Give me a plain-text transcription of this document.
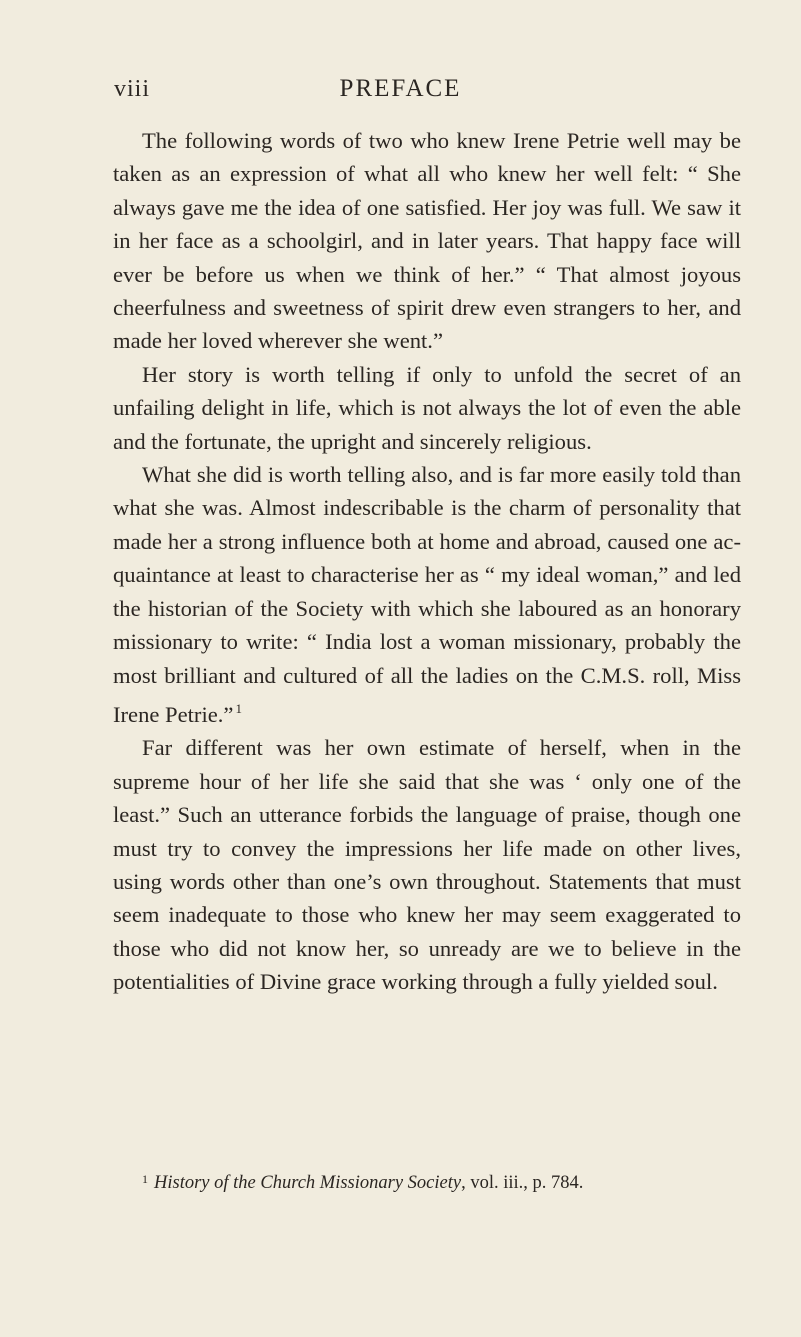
viii	PREFACE

The following words of two who knew Irene Petrie well may be taken as an expression of what all who knew her well felt: “ She always gave me the idea of one satisfied. Her joy was full. We saw it in her face as a schoolgirl, and in later years. That happy face will ever be before us when we think of her.” “ That almost joyous cheerfulness and sweetness of spirit drew even strangers to her, and made her loved wherever she went.”

Her story is worth telling if only to unfold the secret of an unfailing delight in life, which is not always the lot of even the able and the fortunate, the upright and sincerely religious.

What she did is worth telling also, and is far more easily told than what she was. Almost indescribable is the charm of personality that made her a strong influence both at home and abroad, caused one ac-quaintance at least to characterise her as “ my ideal woman,” and led the historian of the Society with which she laboured as an honorary missionary to write: “ India lost a woman missionary, probably the most brilliant and cultured of all the ladies on the C.M.S. roll, Miss Irene Petrie.” $^1$

Far different was her own estimate of herself, when in the supreme hour of her life she said that she was ‘ only one of the least.” Such an utterance forbids the language of praise, though one must try to convey the impressions her life made on other lives, using words other than one’s own throughout. Statements that must seem inadequate to those who knew her may seem exaggerated to those who did not know her, so unready are we to believe in the potentialities of Divine grace working through a fully yielded soul.

$^1$ History of the Church Missionary Society, vol. iii., p. 784.
